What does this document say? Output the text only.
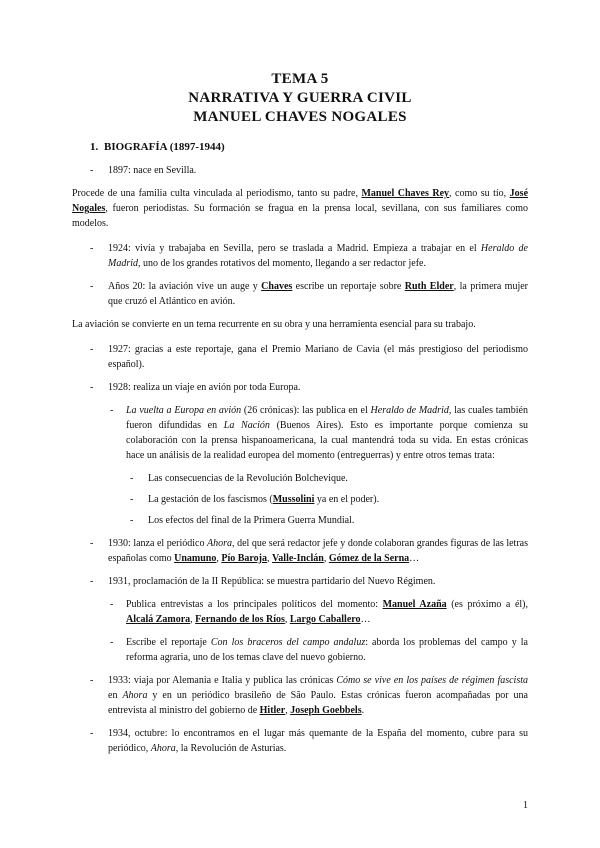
TEMA 5
NARRATIVA Y GUERRA CIVIL
MANUEL CHAVES NOGALES
1. BIOGRAFÍA (1897-1944)
- 1897: nace en Sevilla.

Procede de una familia culta vinculada al periodismo, tanto su padre, Manuel Chaves Rey, como su tío, José Nogales, fueron periodistas. Su formación se fragua en la prensa local, sevillana, con sus familiares como modelos.

- 1924: vivía y trabajaba en Sevilla, pero se traslada a Madrid. Empieza a trabajar en el Heraldo de Madrid, uno de los grandes rotativos del momento, llegando a ser redactor jefe.
- Años 20: la aviación vive un auge y Chaves escribe un reportaje sobre Ruth Elder, la primera mujer que cruzó el Atlántico en avión.

La aviación se convierte en un tema recurrente en su obra y una herramienta esencial para su trabajo.

- 1927: gracias a este reportaje, gana el Premio Mariano de Cavia (el más prestigioso del periodismo español).
- 1928: realiza un viaje en avión por toda Europa.
- La vuelta a Europa en avión (26 crónicas): las publica en el Heraldo de Madrid, las cuales también fueron difundidas en La Nación (Buenos Aires). Esto es importante porque comienza su colaboración con la prensa hispanoamericana, la cual mantendrá toda su vida. En estas crónicas hace un análisis de la realidad europea del momento (entreguerras) y entre otros temas trata:
- Las consecuencias de la Revolución Bolchevique.
- La gestación de los fascismos (Mussolini ya en el poder).
- Los efectos del final de la Primera Guerra Mundial.
- 1930: lanza el periódico Ahora, del que será redactor jefe y donde colaboran grandes figuras de las letras españolas como Unamuno, Pío Baroja, Valle-Inclán, Gómez de la Serna…
- 1931, proclamación de la II República: se muestra partidario del Nuevo Régimen.
- Publica entrevistas a los principales políticos del momento: Manuel Azaña (es próximo a él), Alcalá Zamora, Fernando de los Ríos, Largo Caballero…
- Escribe el reportaje Con los braceros del campo andaluz: aborda los problemas del campo y la reforma agraria, uno de los temas clave del nuevo gobierno.
- 1933: viaja por Alemania e Italia y publica las crónicas Cómo se vive en los países de régimen fascista en Ahora y en un periódico brasileño de São Paulo. Estas crónicas fueron acompañadas por una entrevista al ministro del gobierno de Hitler, Joseph Goebbels.
- 1934, octubre: lo encontramos en el lugar más quemante de la España del momento, cubre para su periódico, Ahora, la Revolución de Asturias.
1
